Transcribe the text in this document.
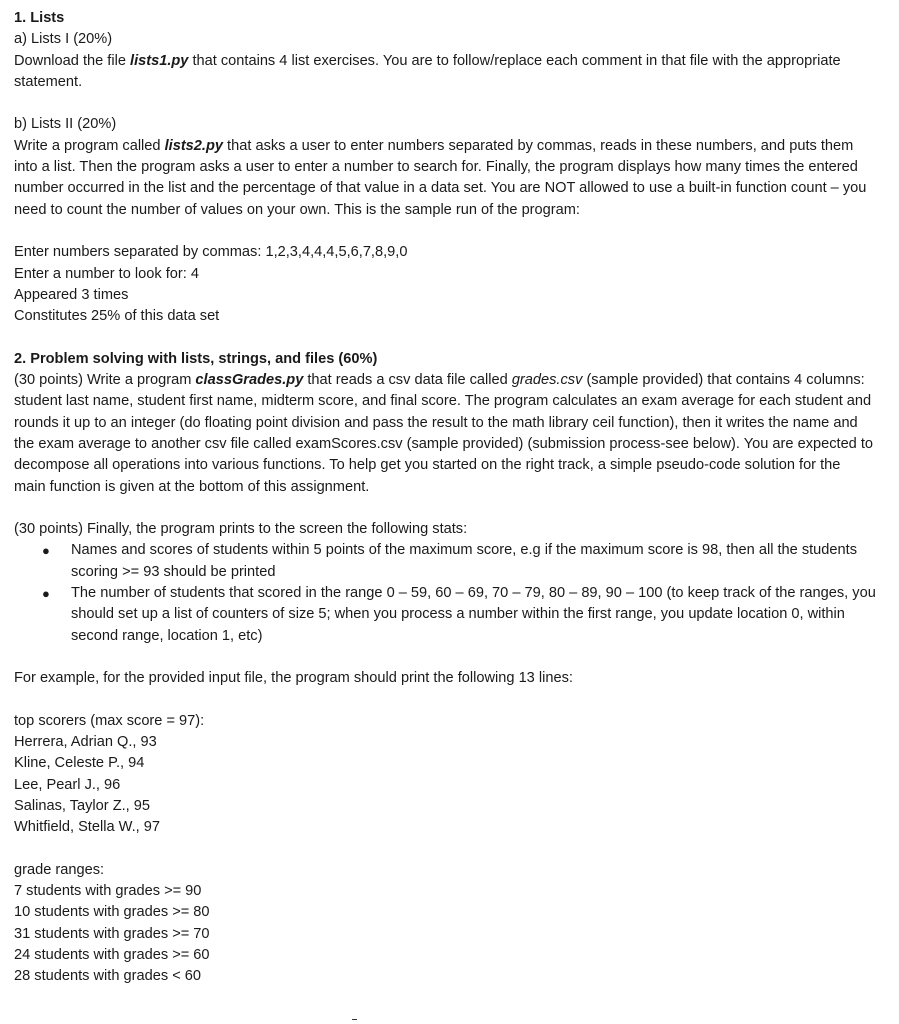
1. Lists

a) Lists I (20%)

Download the file lists1.py that contains 4 list exercises. You are to follow/replace each comment in that file with the appropriate statement.

b) Lists II (20%)

Write a program called lists2.py that asks a user to enter numbers separated by commas, reads in these numbers, and puts them into a list. Then the program asks a user to enter a number to search for. Finally, the program displays how many times the entered number occurred in the list and the percentage of that value in a data set. You are NOT allowed to use a built-in function count – you need to count the number of values on your own. This is the sample run of the program:

Enter numbers separated by commas: 1,2,3,4,4,4,5,6,7,8,9,0

Enter a number to look for: 4

Appeared 3 times

Constitutes 25% of this data set

2. Problem solving with lists, strings, and files (60%)

(30 points) Write a program classGrades.py that reads a csv data file called grades.csv (sample provided) that contains 4 columns: student last name, student first name, midterm score, and final score. The program calculates an exam average for each student and rounds it up to an integer (do floating point division and pass the result to the math library ceil function), then it writes the name and the exam average to another csv file called examScores.csv (sample provided) (submission process-see below). You are expected to decompose all operations into various functions. To help get you started on the right track, a simple pseudo-code solution for the main function is given at the bottom of this assignment.

(30 points) Finally, the program prints to the screen the following stats:

● Names and scores of students within 5 points of the maximum score, e.g if the maximum score is 98, then all the students scoring >= 93 should be printed
● The number of students that scored in the range 0 – 59, 60 – 69, 70 – 79, 80 – 89, 90 – 100 (to keep track of the ranges, you should set up a list of counters of size 5; when you process a number within the first range, you update location 0, within second range, location 1, etc)

For example, for the provided input file, the program should print the following 13 lines:

top scorers (max score = 97):

Herrera, Adrian Q., 93

Kline, Celeste P., 94

Lee, Pearl J., 96

Salinas, Taylor Z., 95

Whitfield, Stella W., 97

grade ranges:

7 students with grades >= 90

10 students with grades >= 80

31 students with grades >= 70

24 students with grades >= 60

28 students with grades < 60
